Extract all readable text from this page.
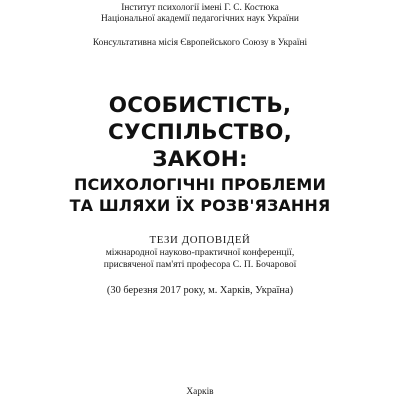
Інститут психології імені Г. С. Костюка
Національної академії педагогічних наук України
Консультативна місія Європейського Союзу в Україні
ОСОБИСТІСТЬ,
СУСПІЛЬСТВО,
ЗАКОН:
ПСИХОЛОГІЧНІ ПРОБЛЕМИ
ТА ШЛЯХИ ЇХ РОЗВ'ЯЗАННЯ
ТЕЗИ ДОПОВІДЕЙ
міжнародної науково-практичної конференції,
присвяченої пам'яті професора С. П. Бочарової
(30 березня 2017 року, м. Харків, Україна)
Харків
